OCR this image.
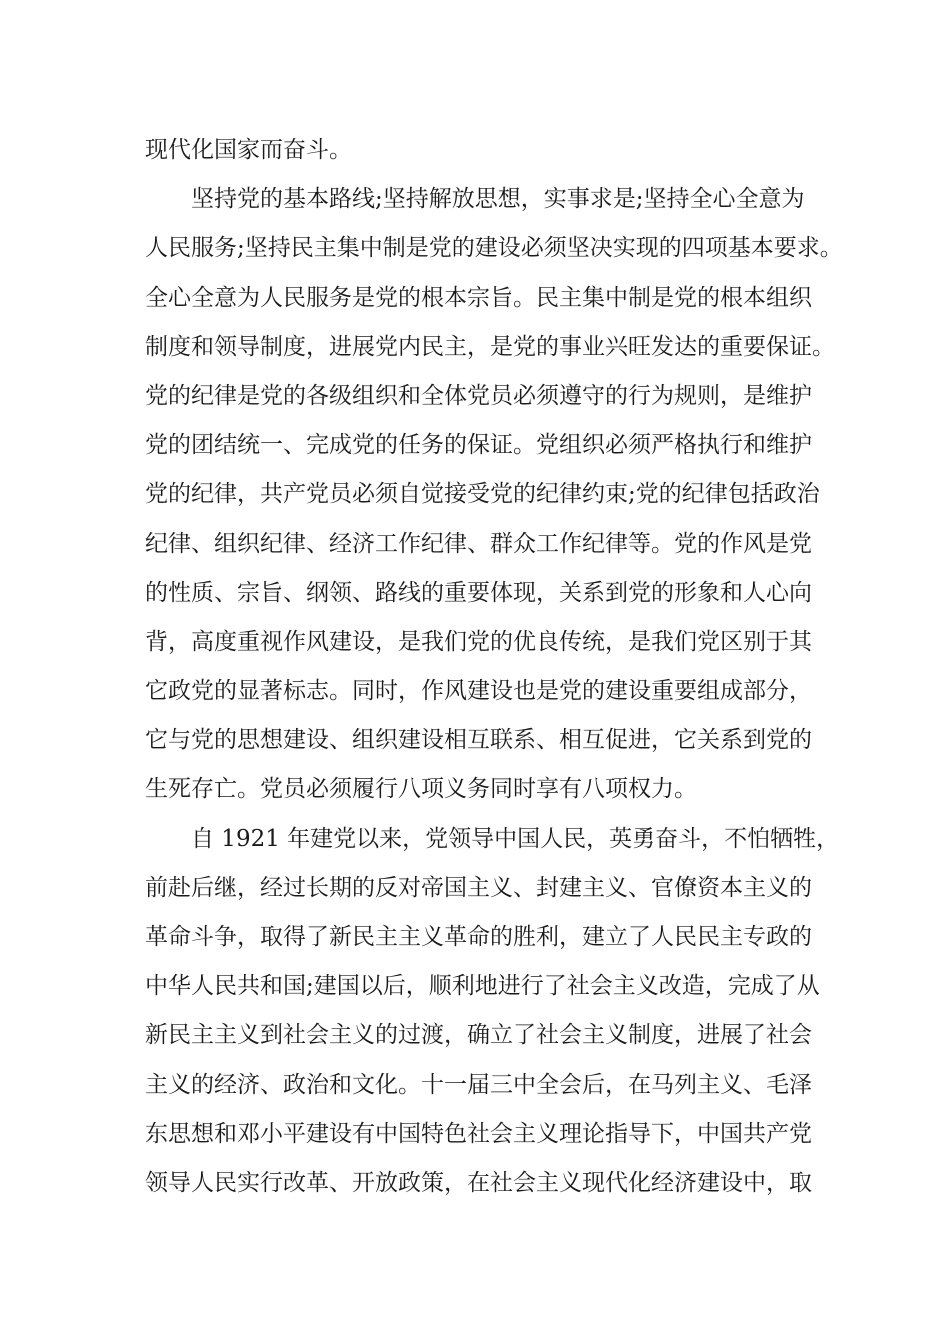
现代化国家而奋斗。
坚持党的基本路线;坚持解放思想，实事求是;坚持全心全意为
人民服务;坚持民主集中制是党的建设必须坚决实现的四项基本要求。
全心全意为人民服务是党的根本宗旨。民主集中制是党的根本组织
制度和领导制度，进展党内民主，是党的事业兴旺发达的重要保证。
党的纪律是党的各级组织和全体党员必须遵守的行为规则，是维护
党的团结统一、完成党的任务的保证。党组织必须严格执行和维护
党的纪律，共产党员必须自觉接受党的纪律约束;党的纪律包括政治
纪律、组织纪律、经济工作纪律、群众工作纪律等。党的作风是党
的性质、宗旨、纲领、路线的重要体现，关系到党的形象和人心向
背，高度重视作风建设，是我们党的优良传统，是我们党区别于其
它政党的显著标志。同时，作风建设也是党的建设重要组成部分，
它与党的思想建设、组织建设相互联系、相互促进，它关系到党的
生死存亡。党员必须履行八项义务同时享有八项权力。
自 1921 年建党以来，党领导中国人民，英勇奋斗，不怕牺牲，
前赴后继，经过长期的反对帝国主义、封建主义、官僚资本主义的
革命斗争，取得了新民主主义革命的胜利，建立了人民民主专政的
中华人民共和国;建国以后，顺利地进行了社会主义改造，完成了从
新民主主义到社会主义的过渡，确立了社会主义制度，进展了社会
主义的经济、政治和文化。十一届三中全会后，在马列主义、毛泽
东思想和邓小平建设有中国特色社会主义理论指导下，中国共产党
领导人民实行改革、开放政策，在社会主义现代化经济建设中，取
